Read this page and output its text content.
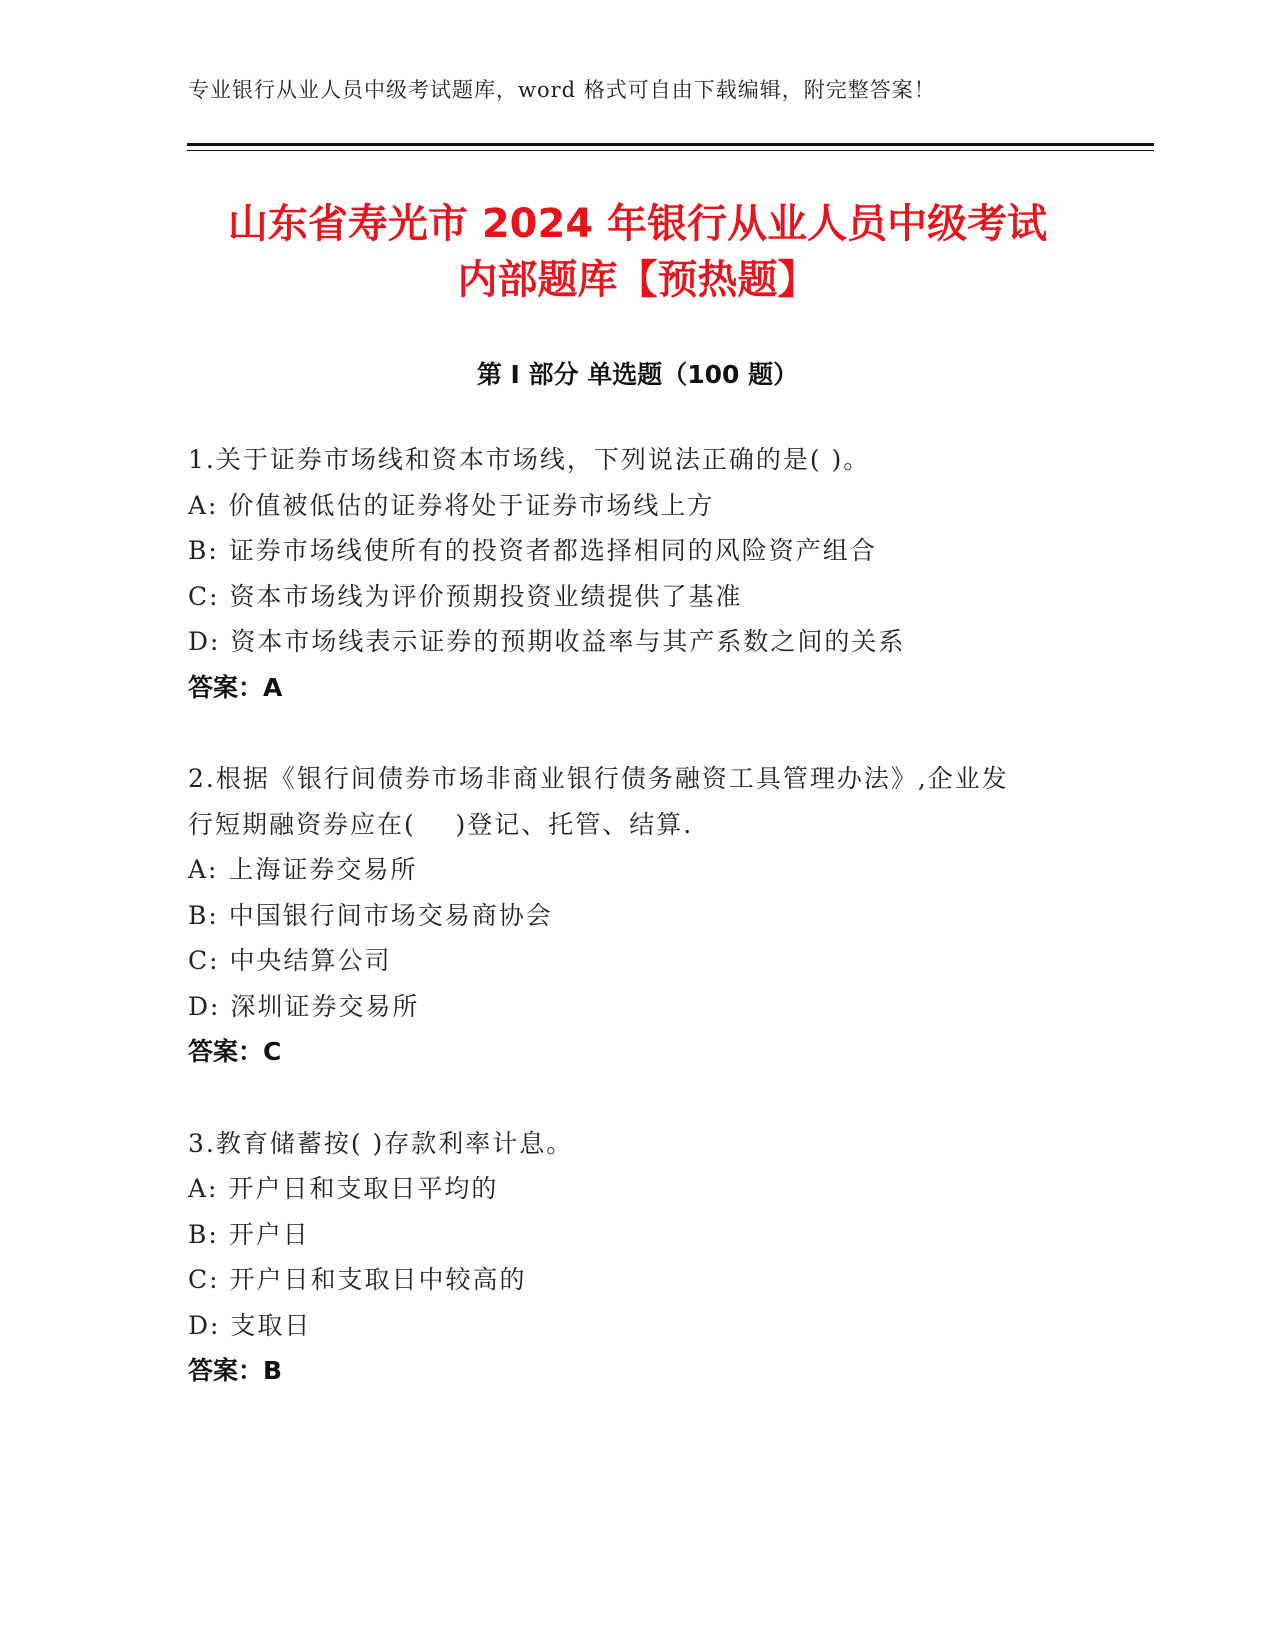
专业银行从业人员中级考试题库，word 格式可自由下载编辑，附完整答案！
山东省寿光市 2024 年银行从业人员中级考试
内部题库【预热题】
第 I 部分 单选题（100 题）
1.关于证券市场线和资本市场线，下列说法正确的是( )。
A: 价值被低估的证券将处于证券市场线上方
B: 证券市场线使所有的投资者都选择相同的风险资产组合
C: 资本市场线为评价预期投资业绩提供了基准
D: 资本市场线表示证券的预期收益率与其产系数之间的关系
答案：A
2.根据《银行间债券市场非商业银行债务融资工具管理办法》,企业发
行短期融资券应在(    )登记、托管、结算.
A: 上海证券交易所
B: 中国银行间市场交易商协会
C: 中央结算公司
D: 深圳证券交易所
答案：C
3.教育储蓄按( )存款利率计息。
A: 开户日和支取日平均的
B: 开户日
C: 开户日和支取日中较高的
D: 支取日
答案：B
